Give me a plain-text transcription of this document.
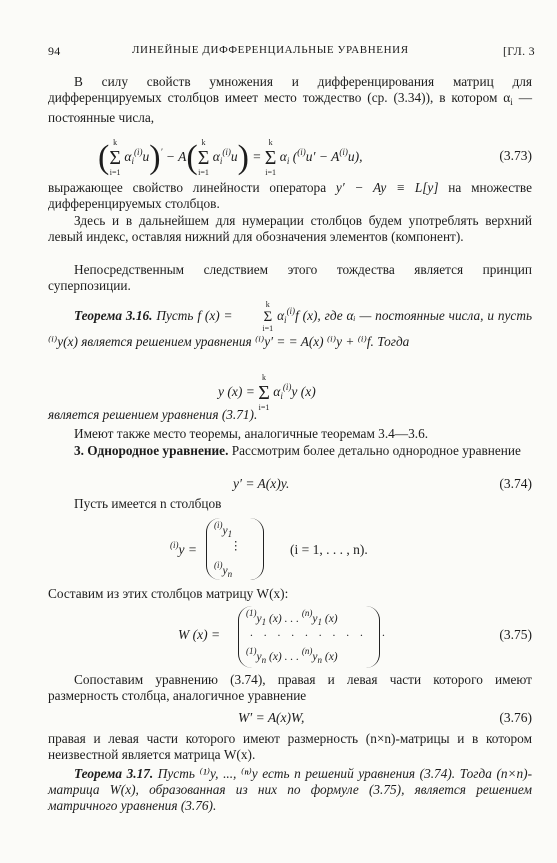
94	ЛИНЕЙНЫЕ ДИФФЕРЕНЦИАЛЬНЫЕ УРАВНЕНИЯ	[ГЛ. 3
В силу свойств умножения и дифференцирования матриц для дифференцируемых столбцов имеет место тождество (ср. (3.34)), в котором $\alpha_i$ — постоянные числа,
( k
Σ
i=1
$\alpha_i^{(i)}u)' - A$( k
Σ
i=1
$\alpha_i^{(i)}u$) =
k
Σ
i=1
$\alpha_i$ $(^{(i)}u' - A^{(i)}u)$,	(3.73)
выражающее свойство линейности оператора y′ − Ay ≡ L[y] на множестве дифференцируемых столбцов.
Здесь и в дальнейшем для нумерации столбцов будем употреблять верхний левый индекс, оставляя нижний для обозначения элементов (компонент).
Непосредственным следствием этого тождества является принцип суперпозиции.
Теорема 3.16. Пусть f (x) =
k
Σ
i=1
$\alpha_i^{(i)}f$ (x), где αᵢ — постоянные числа, и пусть ⁽ⁱ⁾y(x) является решением уравнения ⁽ⁱ⁾y′ = = A(x) ⁽ⁱ⁾y + ⁽ⁱ⁾f. Тогда
y (x) =
k
Σ
i=1
$\alpha_i^{(i)}y$ (x)
является решением уравнения (3.71).
Имеют также место теоремы, аналогичные теоремам 3.4—3.6.
3. Однородное уравнение. Рассмотрим более детально однородное уравнение
y′ = A(x)y.	(3.74)
Пусть имеется n столбцов
$^{(i)}$y =
$^{(i)}y_1$
⋮
$^{(i)}y_n$
(i = 1, . . . , n).
Составим из этих столбцов матрицу W(x):
W (x) =
$^{(1)}y_1$ (x) . . . $^{(n)}y_1$ (x)
. . . . . . . . .
$^{(1)}y_n$ (x) . . . $^{(n)}y_n$ (x)
.	(3.75)
Сопоставим уравнению (3.74), правая и левая части которого имеют размерность столбца, аналогичное уравнение
W′ = A(x)W,	(3.76)
правая и левая части которого имеют размерность (n×n)-матрицы и в котором неизвестной является матрица W(x).
Теорема 3.17. Пусть ⁽¹⁾y, ..., ⁽ⁿ⁾y есть n решений уравнения (3.74). Тогда (n×n)-матрица W(x), образованная из них по формуле (3.75), является решением матричного уравнения (3.76).
